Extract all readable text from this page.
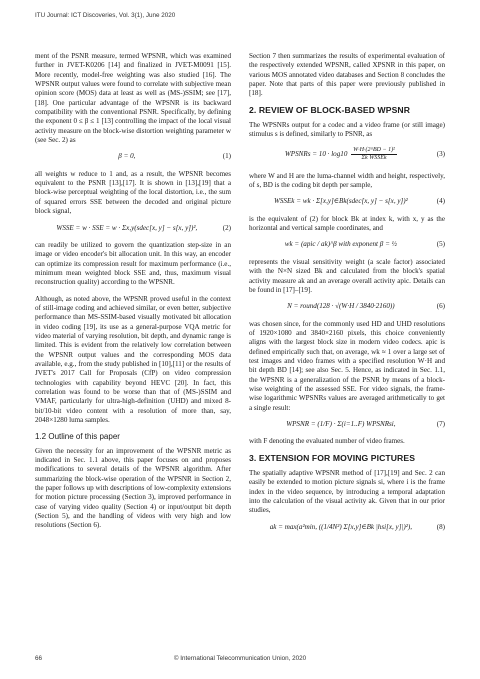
ITU Journal: ICT Discoveries, Vol. 3(1), June 2020

ment of the PSNR measure, termed WPSNR, which was examined further in JVET-K0206 [14] and finalized in JVET-M0091 [15]. More recently, model-free weighting was also studied [16]. The WPSNR output values were found to correlate with subjective mean opinion score (MOS) data at least as well as (MS-)SSIM; see [17],[18]. One particular advantage of the WPSNR is its backward compatibility with the conventional PSNR. Specifically, by defining the exponent 0 ≤ β ≤ 1 [13] controlling the impact of the local visual activity measure on the block-wise distortion weighting parameter w (see Sec. 2) as

β = 0,	(1)

all weights w reduce to 1 and, as a result, the WPSNR becomes equivalent to the PSNR [13],[17]. It is shown in [13],[19] that a block-wise perceptual weighting of the local distortion, i.e., the sum of squared errors SSE between the decoded and original picture block signal,

WSSE = w · SSE = w · Σx,y(sdec[x, y] − s[x, y])²,	(2)

can readily be utilized to govern the quantization step-size in an image or video encoder's bit allocation unit. In this way, an encoder can optimize its compression result for maximum performance (i.e., minimum mean weighted block SSE and, thus, maximum visual reconstruction quality) according to the WPSNR.

Although, as noted above, the WPSNR proved useful in the context of still-image coding and achieved similar, or even better, subjective performance than MS-SSIM-based visually motivated bit allocation in video coding [19], its use as a general-purpose VQA metric for video material of varying resolution, bit depth, and dynamic range is limited. This is evident from the relatively low correlation between the WPSNR output values and the corresponding MOS data available, e.g., from the study published in [10],[11] or the results of JVET's 2017 Call for Proposals (CfP) on video compression technologies with capability beyond HEVC [20]. In fact, this correlation was found to be worse than that of (MS-)SSIM and VMAF, particularly for ultra-high-definition (UHD) and mixed 8-bit/10-bit video content with a resolution of more than, say, 2048×1280 luma samples.

1.2 Outline of this paper

Given the necessity for an improvement of the WPSNR metric as indicated in Sec. 1.1 above, this paper focuses on and proposes modifications to several details of the WPSNR algorithm. After summarizing the block-wise operation of the WPSNR in Section 2, the paper follows up with descriptions of low-complexity extensions for motion picture processing (Section 3), improved performance in case of varying video quality (Section 4) or input/output bit depth (Section 5), and the handling of videos with very high and low resolutions (Section 6).

Section 7 then summarizes the results of experimental evaluation of the respectively extended WPSNR, called XPSNR in this paper, on various MOS annotated video databases and Section 8 concludes the paper. Note that parts of this paper were previously published in [18].

2. REVIEW OF BLOCK-BASED WPSNR

The WPSNRs output for a codec and a video frame (or still image) stimulus s is defined, similarly to PSNR, as

WPSNRs = 10 · log10
W·H·(2^BD − 1)²
Σk WSSEk
(3)

where W and H are the luma-channel width and height, respectively, of s, BD is the coding bit depth per sample,

WSSEk = wk · Σ[x,y]∈Bk(sdec[x, y] − s[x, y])²	(4)

is the equivalent of (2) for block Bk at index k, with x, y as the horizontal and vertical sample coordinates, and

wk = (apic / ak)^β with exponent β = ½	(5)

represents the visual sensitivity weight (a scale factor) associated with the N×N sized Bk and calculated from the block's spatial activity measure ak and an average overall activity apic. Details can be found in [17]–[19].

N = round(128 · √(W·H / 3840·2160))	(6)

was chosen since, for the commonly used HD and UHD resolutions of 1920×1080 and 3840×2160 pixels, this choice conveniently aligns with the largest block size in modern video codecs. apic is defined empirically such that, on average, wk ≈ 1 over a large set of test images and video frames with a specified resolution W·H and bit depth BD [14]; see also Sec. 5. Hence, as indicated in Sec. 1.1, the WPSNR is a generalization of the PSNR by means of a block-wise weighting of the assessed SSE. For video signals, the frame-wise logarithmic WPSNRs values are averaged arithmetically to get a single result:

WPSNR = (1/F) · Σ(i=1..F) WPSNRsi,	(7)

with F denoting the evaluated number of video frames.

3. EXTENSION FOR MOVING PICTURES

The spatially adaptive WPSNR method of [17],[19] and Sec. 2 can easily be extended to motion picture signals si, where i is the frame index in the video sequence, by introducing a temporal adaptation into the calculation of the visual activity ak. Given that in our prior studies,

ak = max(a²min, ((1/4N²) Σ[x,y]∈Bk |hsi[x, y]|)²),	(8)
66	© International Telecommunication Union, 2020
